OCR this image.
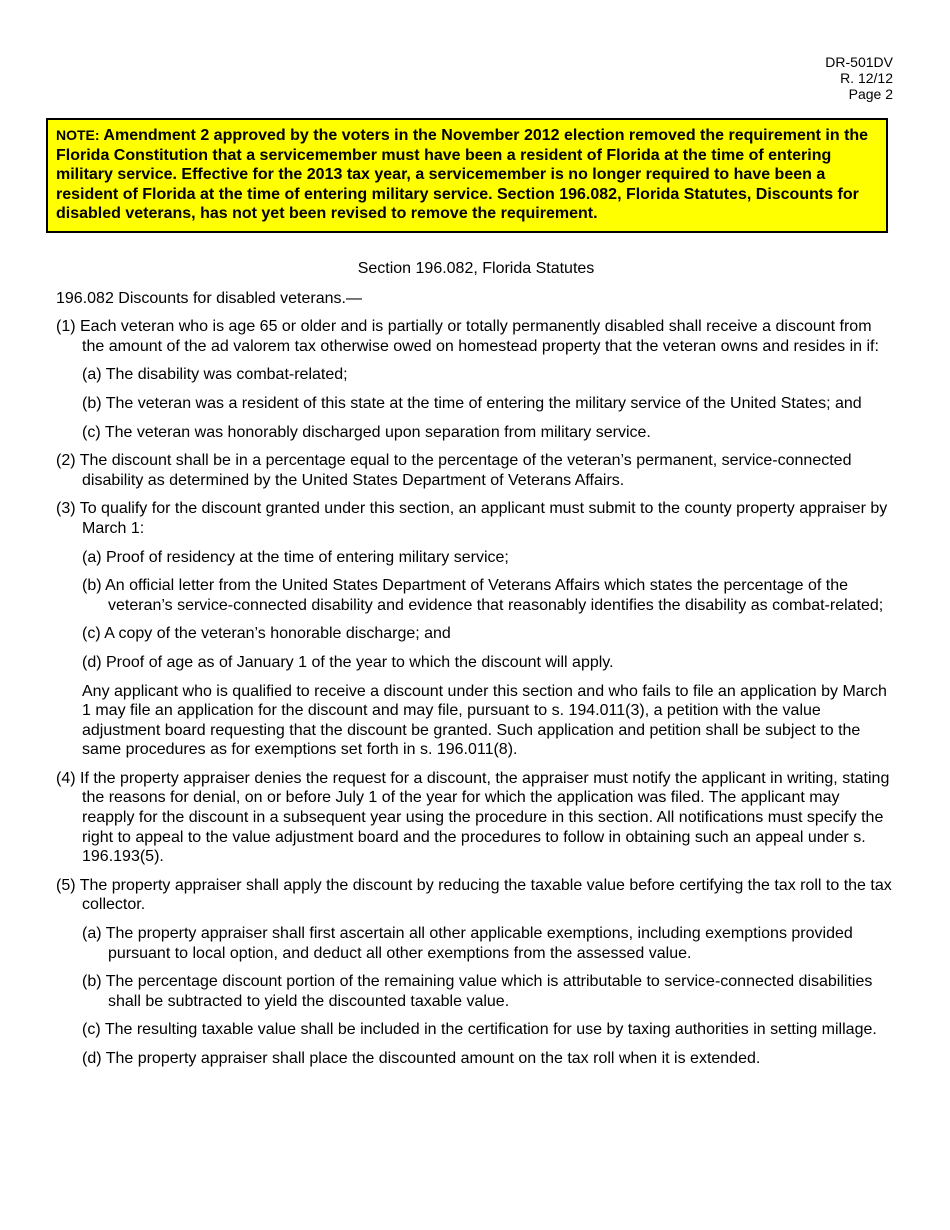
DR-501DV
R. 12/12
Page 2
NOTE: Amendment 2 approved by the voters in the November 2012 election removed the requirement in the Florida Constitution that a servicemember must have been a resident of Florida at the time of entering military service. Effective for the 2013 tax year, a servicemember is no longer required to have been a resident of Florida at the time of entering military service. Section 196.082, Florida Statutes, Discounts for disabled veterans, has not yet been revised to remove the requirement.
Section 196.082, Florida Statutes
196.082 Discounts for disabled veterans.—
(1) Each veteran who is age 65 or older and is partially or totally permanently disabled shall receive a discount from the amount of the ad valorem tax otherwise owed on homestead property that the veteran owns and resides in if:
(a) The disability was combat-related;
(b) The veteran was a resident of this state at the time of entering the military service of the United States; and
(c) The veteran was honorably discharged upon separation from military service.
(2) The discount shall be in a percentage equal to the percentage of the veteran’s permanent, service-connected disability as determined by the United States Department of Veterans Affairs.
(3) To qualify for the discount granted under this section, an applicant must submit to the county property appraiser by March 1:
(a) Proof of residency at the time of entering military service;
(b) An official letter from the United States Department of Veterans Affairs which states the percentage of the veteran’s service-connected disability and evidence that reasonably identifies the disability as combat-related;
(c) A copy of the veteran’s honorable discharge; and
(d) Proof of age as of January 1 of the year to which the discount will apply.
Any applicant who is qualified to receive a discount under this section and who fails to file an application by March 1 may file an application for the discount and may file, pursuant to s. 194.011(3), a petition with the value adjustment board requesting that the discount be granted. Such application and petition shall be subject to the same procedures as for exemptions set forth in s. 196.011(8).
(4) If the property appraiser denies the request for a discount, the appraiser must notify the applicant in writing, stating the reasons for denial, on or before July 1 of the year for which the application was filed. The applicant may reapply for the discount in a subsequent year using the procedure in this section. All notifications must specify the right to appeal to the value adjustment board and the procedures to follow in obtaining such an appeal under s. 196.193(5).
(5) The property appraiser shall apply the discount by reducing the taxable value before certifying the tax roll to the tax collector.
(a) The property appraiser shall first ascertain all other applicable exemptions, including exemptions provided pursuant to local option, and deduct all other exemptions from the assessed value.
(b) The percentage discount portion of the remaining value which is attributable to service-connected disabilities shall be subtracted to yield the discounted taxable value.
(c) The resulting taxable value shall be included in the certification for use by taxing authorities in setting millage.
(d) The property appraiser shall place the discounted amount on the tax roll when it is extended.
